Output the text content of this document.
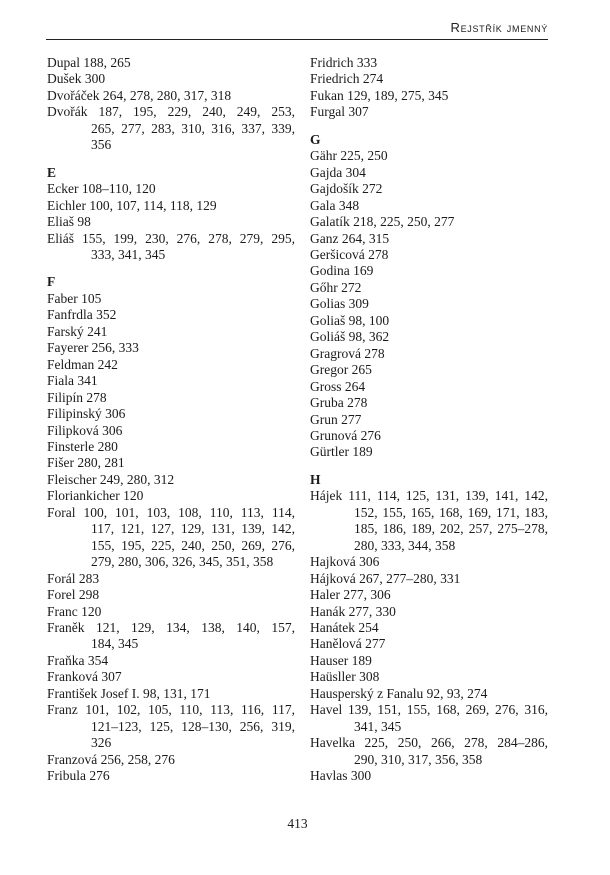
Rejstřík jmenný
Dupal 188, 265
Dušek 300
Dvořáček 264, 278, 280, 317, 318
Dvořák 187, 195, 229, 240, 249, 253,
265, 277, 283, 310, 316, 337, 339,
356
E
Ecker 108–110, 120
Eichler 100, 107, 114, 118, 129
Eliaš 98
Eliáš 155, 199, 230, 276, 278, 279, 295,
333, 341, 345
F
Faber 105
Fanfrdla 352
Farský 241
Fayerer 256, 333
Feldman 242
Fiala 341
Filipín 278
Filipinský 306
Filipková 306
Finsterle 280
Fišer 280, 281
Fleischer 249, 280, 312
Floriankicher 120
Foral 100, 101, 103, 108, 110, 113, 114,
117, 121, 127, 129, 131, 139, 142,
155, 195, 225, 240, 250, 269, 276,
279, 280, 306, 326, 345, 351, 358
Forál 283
Forel 298
Franc 120
Franěk 121, 129, 134, 138, 140, 157,
184, 345
Fraňka 354
Franková 307
František Josef I. 98, 131, 171
Franz 101, 102, 105, 110, 113, 116, 117,
121–123, 125, 128–130, 256, 319,
326
Franzová 256, 258, 276
Fribula 276
Fridrich 333
Friedrich 274
Fukan 129, 189, 275, 345
Furgal 307
G
Gähr 225, 250
Gajda 304
Gajdošík 272
Gala 348
Galatík 218, 225, 250, 277
Ganz 264, 315
Geršicová 278
Godina 169
Gőhr 272
Golias 309
Goliaš 98, 100
Goliáš 98, 362
Gragrová 278
Gregor 265
Gross 264
Gruba 278
Grun 277
Grunová 276
Gürtler 189
H
Hájek 111, 114, 125, 131, 139, 141, 142,
152, 155, 165, 168, 169, 171, 183,
185, 186, 189, 202, 257, 275–278,
280, 333, 344, 358
Hajková 306
Hájková 267, 277–280, 331
Haler 277, 306
Hanák 277, 330
Hanátek 254
Hanělová 277
Hauser 189
Haüsller 308
Hausperský z Fanalu 92, 93, 274
Havel 139, 151, 155, 168, 269, 276, 316,
341, 345
Havelka 225, 250, 266, 278, 284–286,
290, 310, 317, 356, 358
Havlas 300
413
